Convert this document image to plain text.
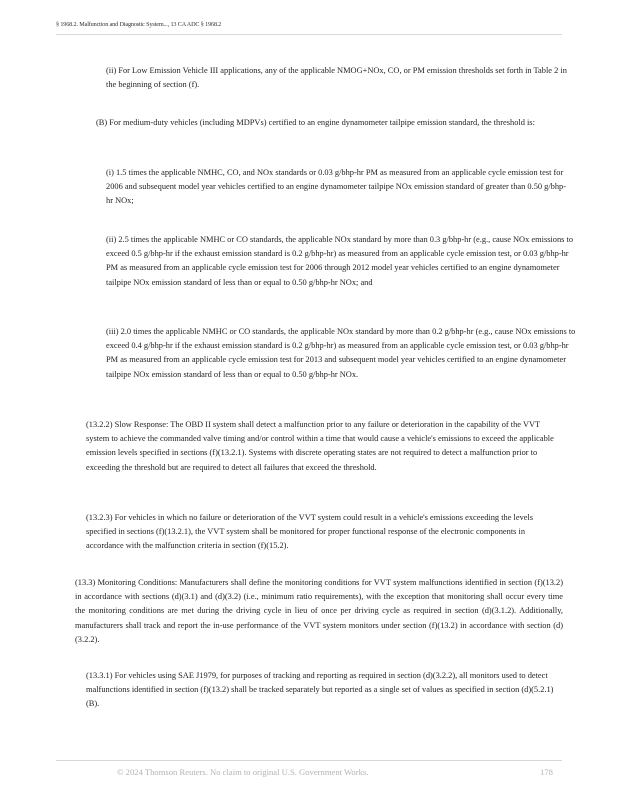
§ 1968.2. Malfunction and Diagnostic System..., 13 CA ADC § 1968.2

(ii) For Low Emission Vehicle III applications, any of the applicable NMOG+NOx, CO, or PM emission thresholds set forth in Table 2 in the beginning of section (f).

(B) For medium-duty vehicles (including MDPVs) certified to an engine dynamometer tailpipe emission standard, the threshold is:

(i) 1.5 times the applicable NMHC, CO, and NOx standards or 0.03 g/bhp-hr PM as measured from an applicable cycle emission test for 2006 and subsequent model year vehicles certified to an engine dynamometer tailpipe NOx emission standard of greater than 0.50 g/bhp-hr NOx;

(ii) 2.5 times the applicable NMHC or CO standards, the applicable NOx standard by more than 0.3 g/bhp-hr (e.g., cause NOx emissions to exceed 0.5 g/bhp-hr if the exhaust emission standard is 0.2 g/bhp-hr) as measured from an applicable cycle emission test, or 0.03 g/bhp-hr PM as measured from an applicable cycle emission test for 2006 through 2012 model year vehicles certified to an engine dynamometer tailpipe NOx emission standard of less than or equal to 0.50 g/bhp-hr NOx; and

(iii) 2.0 times the applicable NMHC or CO standards, the applicable NOx standard by more than 0.2 g/bhp-hr (e.g., cause NOx emissions to exceed 0.4 g/bhp-hr if the exhaust emission standard is 0.2 g/bhp-hr) as measured from an applicable cycle emission test, or 0.03 g/bhp-hr PM as measured from an applicable cycle emission test for 2013 and subsequent model year vehicles certified to an engine dynamometer tailpipe NOx emission standard of less than or equal to 0.50 g/bhp-hr NOx.

(13.2.2) Slow Response: The OBD II system shall detect a malfunction prior to any failure or deterioration in the capability of the VVT system to achieve the commanded valve timing and/or control within a time that would cause a vehicle's emissions to exceed the applicable emission levels specified in sections (f)(13.2.1). Systems with discrete operating states are not required to detect a malfunction prior to exceeding the threshold but are required to detect all failures that exceed the threshold.

(13.2.3) For vehicles in which no failure or deterioration of the VVT system could result in a vehicle's emissions exceeding the levels specified in sections (f)(13.2.1), the VVT system shall be monitored for proper functional response of the electronic components in accordance with the malfunction criteria in section (f)(15.2).

(13.3) Monitoring Conditions: Manufacturers shall define the monitoring conditions for VVT system malfunctions identified in section (f)(13.2) in accordance with sections (d)(3.1) and (d)(3.2) (i.e., minimum ratio requirements), with the exception that monitoring shall occur every time the monitoring conditions are met during the driving cycle in lieu of once per driving cycle as required in section (d)(3.1.2). Additionally, manufacturers shall track and report the in-use performance of the VVT system monitors under section (f)(13.2) in accordance with section (d)(3.2.2).

(13.3.1) For vehicles using SAE J1979, for purposes of tracking and reporting as required in section (d)(3.2.2), all monitors used to detect malfunctions identified in section (f)(13.2) shall be tracked separately but reported as a single set of values as specified in section (d)(5.2.1)(B).

© 2024 Thomson Reuters. No claim to original U.S. Government Works.	178
